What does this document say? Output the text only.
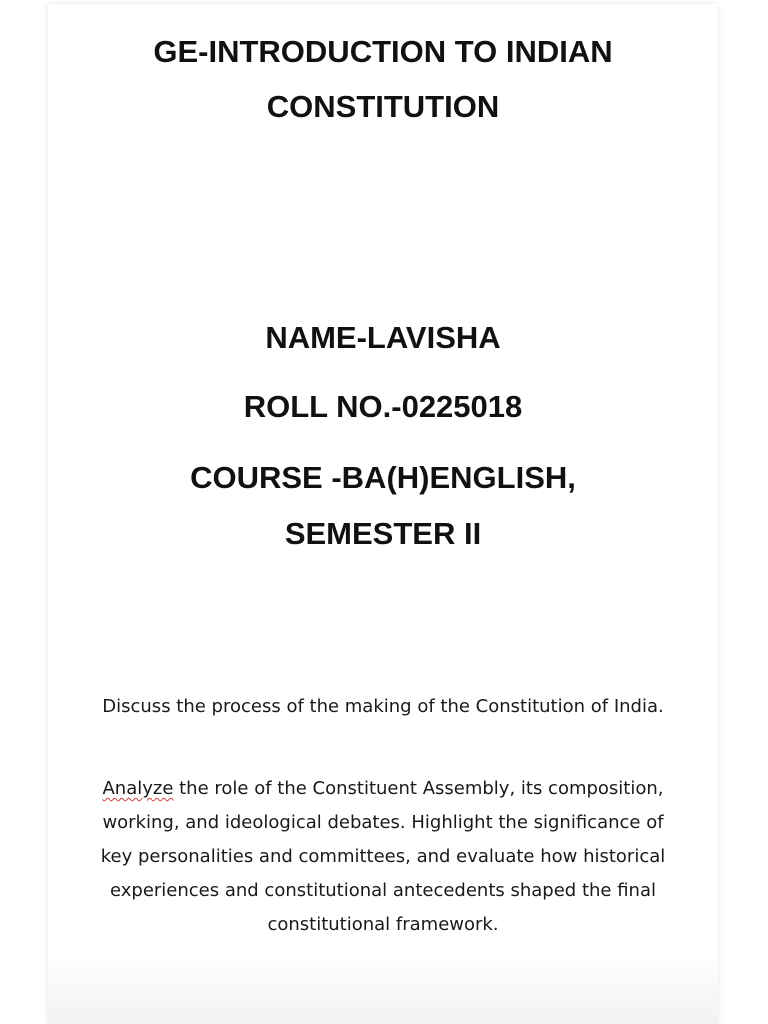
GE-INTRODUCTION TO INDIAN
CONSTITUTION

NAME-LAVISHA

ROLL NO.-0225018

COURSE -BA(H)ENGLISH,
SEMESTER II

Discuss the process of the making of the Constitution of India.

Analyze the role of the Constituent Assembly, its composition, working, and ideological debates. Highlight the significance of key personalities and committees, and evaluate how historical experiences and constitutional antecedents shaped the final constitutional framework.
